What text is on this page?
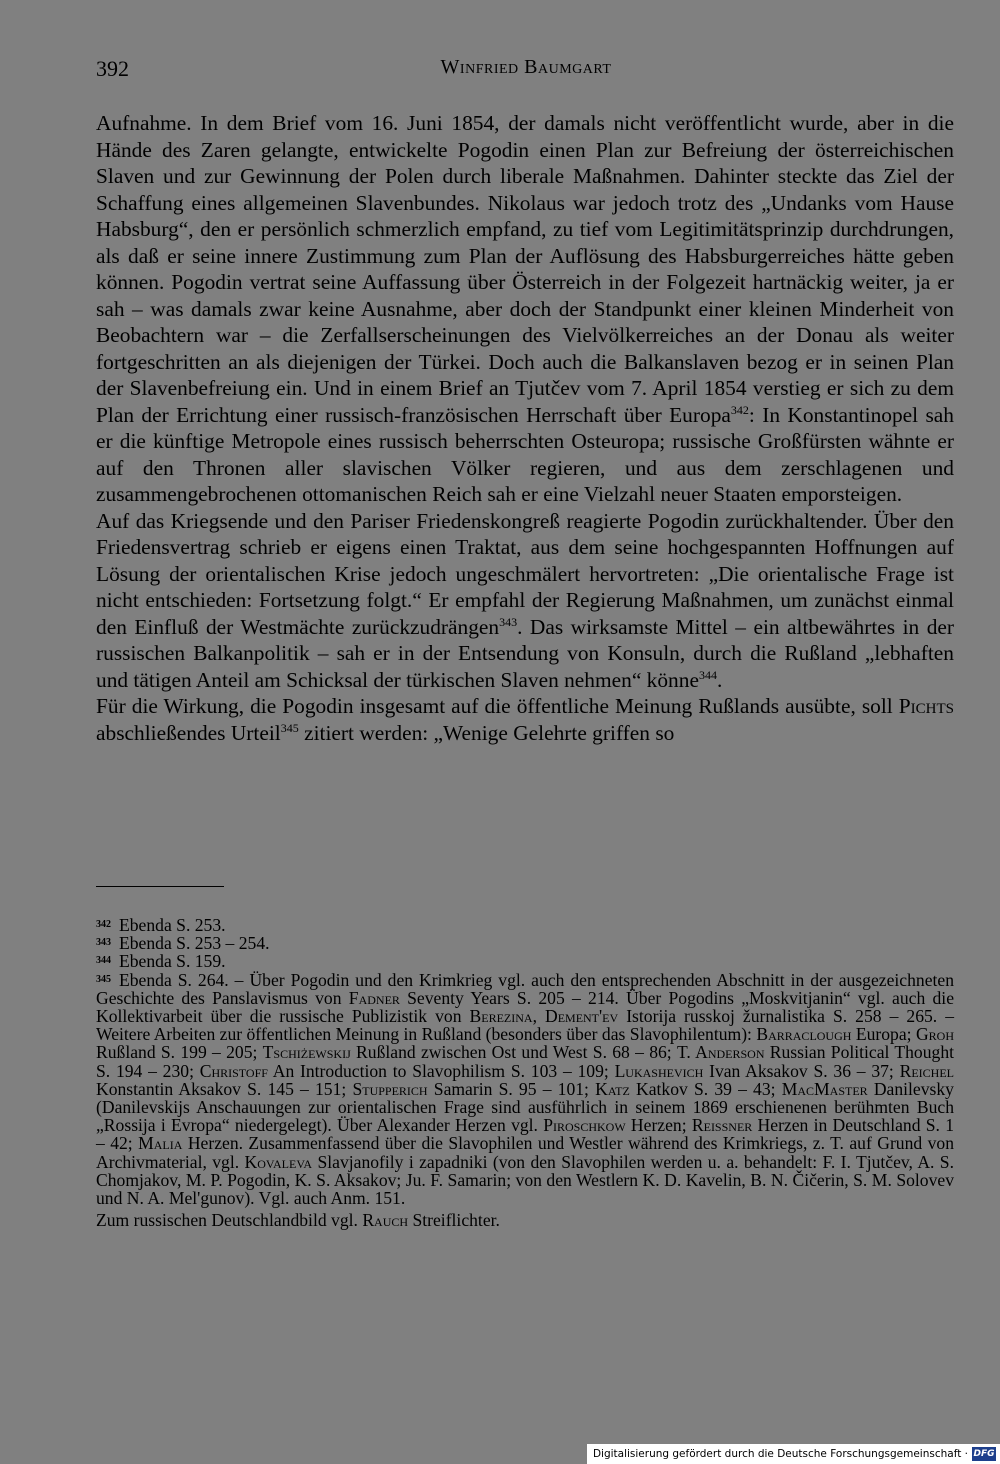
392	Winfried Baumgart

Aufnahme. In dem Brief vom 16. Juni 1854, der damals nicht veröffentlicht wurde, aber in die Hände des Zaren gelangte, entwickelte Pogodin einen Plan zur Befreiung der österreichischen Slaven und zur Gewinnung der Polen durch liberale Maßnahmen. Dahinter steckte das Ziel der Schaffung eines allgemeinen Slavenbundes. Nikolaus war jedoch trotz des „Undanks vom Hause Habsburg“, den er persönlich schmerzlich empfand, zu tief vom Legitimitätsprinzip durchdrungen, als daß er seine innere Zustimmung zum Plan der Auflösung des Habsburgerreiches hätte geben können. Pogodin vertrat seine Auffassung über Österreich in der Folgezeit hartnäckig weiter, ja er sah – was damals zwar keine Ausnahme, aber doch der Standpunkt einer kleinen Minderheit von Beobachtern war – die Zerfallserscheinungen des Vielvölkerreiches an der Donau als weiter fortgeschritten an als diejenigen der Türkei. Doch auch die Balkanslaven bezog er in seinen Plan der Slavenbefreiung ein. Und in einem Brief an Tjutčev vom 7. April 1854 verstieg er sich zu dem Plan der Errichtung einer russisch-französischen Herrschaft über Europa$^{342}$: In Konstantinopel sah er die künftige Metropole eines russisch beherrschten Osteuropa; russische Großfürsten wähnte er auf den Thronen aller slavischen Völker regieren, und aus dem zerschlagenen und zusammengebrochenen ottomanischen Reich sah er eine Vielzahl neuer Staaten emporsteigen.

Auf das Kriegsende und den Pariser Friedenskongreß reagierte Pogodin zurückhaltender. Über den Friedensvertrag schrieb er eigens einen Traktat, aus dem seine hochgespannten Hoffnungen auf Lösung der orientalischen Krise jedoch ungeschmälert hervortreten: „Die orientalische Frage ist nicht entschieden: Fortsetzung folgt.“ Er empfahl der Regierung Maßnahmen, um zunächst einmal den Einfluß der Westmächte zurückzudrängen$^{343}$. Das wirksamste Mittel – ein altbewährtes in der russischen Balkanpolitik – sah er in der Entsendung von Konsuln, durch die Rußland „lebhaften und tätigen Anteil am Schicksal der türkischen Slaven nehmen“ könne$^{344}$.

Für die Wirkung, die Pogodin insgesamt auf die öffentliche Meinung Rußlands ausübte, soll Pichts abschließendes Urteil$^{345}$ zitiert werden: „Wenige Gelehrte griffen so

$^{342}$ Ebenda S. 253.

$^{343}$ Ebenda S. 253 – 254.

$^{344}$ Ebenda S. 159.

$^{345}$ Ebenda S. 264. – Über Pogodin und den Krimkrieg vgl. auch den entsprechenden Abschnitt in der ausgezeichneten Geschichte des Panslavismus von Fadner Seventy Years S. 205 – 214. Über Pogodins „Moskvitjanin“ vgl. auch die Kollektivarbeit über die russische Publizistik von Berezina, Dement'ev Istorija russkoj žurnalistika S. 258 – 265. – Weitere Arbeiten zur öffentlichen Meinung in Rußland (besonders über das Slavophilentum): Barraclough Europa; Groh Rußland S. 199 – 205; Tschiżewskij Rußland zwischen Ost und West S. 68 – 86; T. Anderson Russian Political Thought S. 194 – 230; Christoff An Introduction to Slavophilism S. 103 – 109; Lukashevich Ivan Aksakov S. 36 – 37; Reichel Konstantin Aksakov S. 145 – 151; Stupperich Samarin S. 95 – 101; Katz Katkov S. 39 – 43; MacMaster Danilevsky (Danilevskijs Anschauungen zur orientalischen Frage sind ausführlich in seinem 1869 erschienenen berühmten Buch „Rossija i Evropa“ niedergelegt). Über Alexander Herzen vgl. Piroschkow Herzen; Reissner Herzen in Deutschland S. 1 – 42; Malia Herzen. Zusammenfassend über die Slavophilen und Westler während des Krimkriegs, z. T. auf Grund von Archivmaterial, vgl. Kovaleva Slavjanofily i zapadniki (von den Slavophilen werden u. a. behandelt: F. I. Tjutčev, A. S. Chomjakov, M. P. Pogodin, K. S. Aksakov; Ju. F. Samarin; von den Westlern K. D. Kavelin, B. N. Čičerin, S. M. Solovev und N. A. Mel'gunov). Vgl. auch Anm. 151.

Zum russischen Deutschlandbild vgl. Rauch Streiflichter.

Digitalisierung gefördert durch die Deutsche Forschungsgemeinschaft · DFG
